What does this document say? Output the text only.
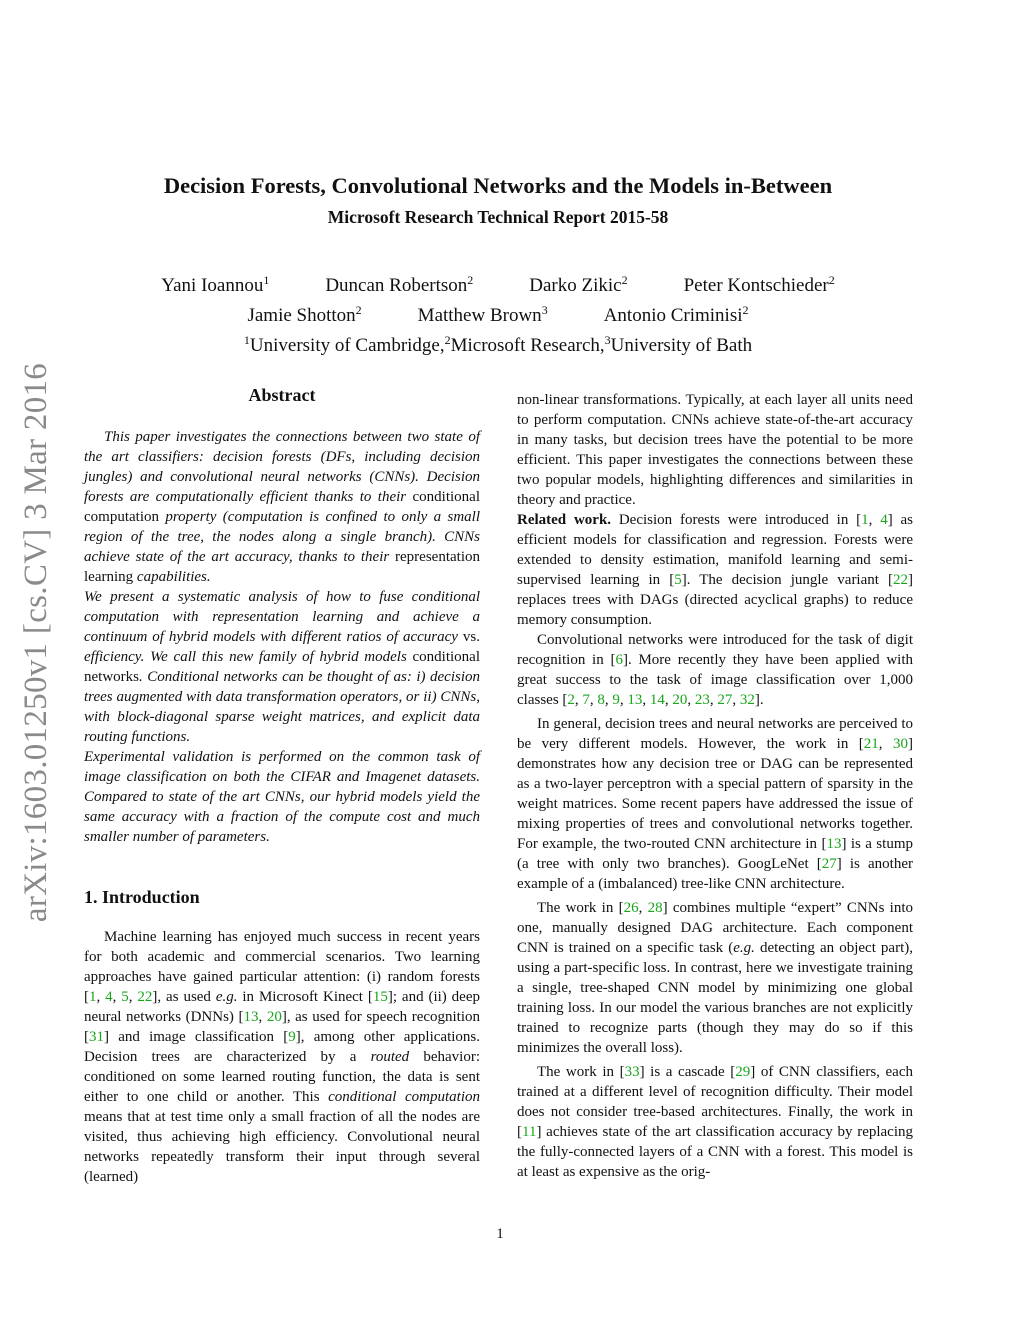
arXiv:1603.01250v1 [cs.CV] 3 Mar 2016
Decision Forests, Convolutional Networks and the Models in-Between
Microsoft Research Technical Report 2015-58
Yani Ioannou$^1$	Duncan Robertson$^2$	Darko Zikic$^2$	Peter Kontschieder$^2$
Jamie Shotton$^2$	Matthew Brown$^3$	Antonio Criminisi$^2$
$^1$University of Cambridge, $^2$Microsoft Research, $^3$University of Bath
Abstract

This paper investigates the connections between two state of the art classifiers: decision forests (DFs, including decision jungles) and convolutional neural networks (CNNs). Decision forests are computationally efficient thanks to their conditional computation property (computation is confined to only a small region of the tree, the nodes along a single branch). CNNs achieve state of the art accuracy, thanks to their representation learning capabilities.

We present a systematic analysis of how to fuse conditional computation with representation learning and achieve a continuum of hybrid models with different ratios of accuracy vs. efficiency. We call this new family of hybrid models conditional networks. Conditional networks can be thought of as: i) decision trees augmented with data transformation operators, or ii) CNNs, with block-diagonal sparse weight matrices, and explicit data routing functions.

Experimental validation is performed on the common task of image classification on both the CIFAR and Imagenet datasets. Compared to state of the art CNNs, our hybrid models yield the same accuracy with a fraction of the compute cost and much smaller number of parameters.

1. Introduction

Machine learning has enjoyed much success in recent years for both academic and commercial scenarios. Two learning approaches have gained particular attention: (i) random forests [1, 4, 5, 22], as used e.g. in Microsoft Kinect [15]; and (ii) deep neural networks (DNNs) [13, 20], as used for speech recognition [31] and image classification [9], among other applications. Decision trees are characterized by a routed behavior: conditioned on some learned routing function, the data is sent either to one child or another. This conditional computation means that at test time only a small fraction of all the nodes are visited, thus achieving high efficiency. Convolutional neural networks repeatedly transform their input through several (learned)

non-linear transformations. Typically, at each layer all units need to perform computation. CNNs achieve state-of-the-art accuracy in many tasks, but decision trees have the potential to be more efficient. This paper investigates the connections between these two popular models, highlighting differences and similarities in theory and practice.

Related work. Decision forests were introduced in [1, 4] as efficient models for classification and regression. Forests were extended to density estimation, manifold learning and semi-supervised learning in [5]. The decision jungle variant [22] replaces trees with DAGs (directed acyclical graphs) to reduce memory consumption.

Convolutional networks were introduced for the task of digit recognition in [6]. More recently they have been applied with great success to the task of image classification over 1,000 classes [2, 7, 8, 9, 13, 14, 20, 23, 27, 32].

In general, decision trees and neural networks are perceived to be very different models. However, the work in [21, 30] demonstrates how any decision tree or DAG can be represented as a two-layer perceptron with a special pattern of sparsity in the weight matrices. Some recent papers have addressed the issue of mixing properties of trees and convolutional networks together. For example, the two-routed CNN architecture in [13] is a stump (a tree with only two branches). GoogLeNet [27] is another example of a (imbalanced) tree-like CNN architecture.

The work in [26, 28] combines multiple “expert” CNNs into one, manually designed DAG architecture. Each component CNN is trained on a specific task (e.g. detecting an object part), using a part-specific loss. In contrast, here we investigate training a single, tree-shaped CNN model by minimizing one global training loss. In our model the various branches are not explicitly trained to recognize parts (though they may do so if this minimizes the overall loss).

The work in [33] is a cascade [29] of CNN classifiers, each trained at a different level of recognition difficulty. Their model does not consider tree-based architectures. Finally, the work in [11] achieves state of the art classification accuracy by replacing the fully-connected layers of a CNN with a forest. This model is at least as expensive as the orig-

1
